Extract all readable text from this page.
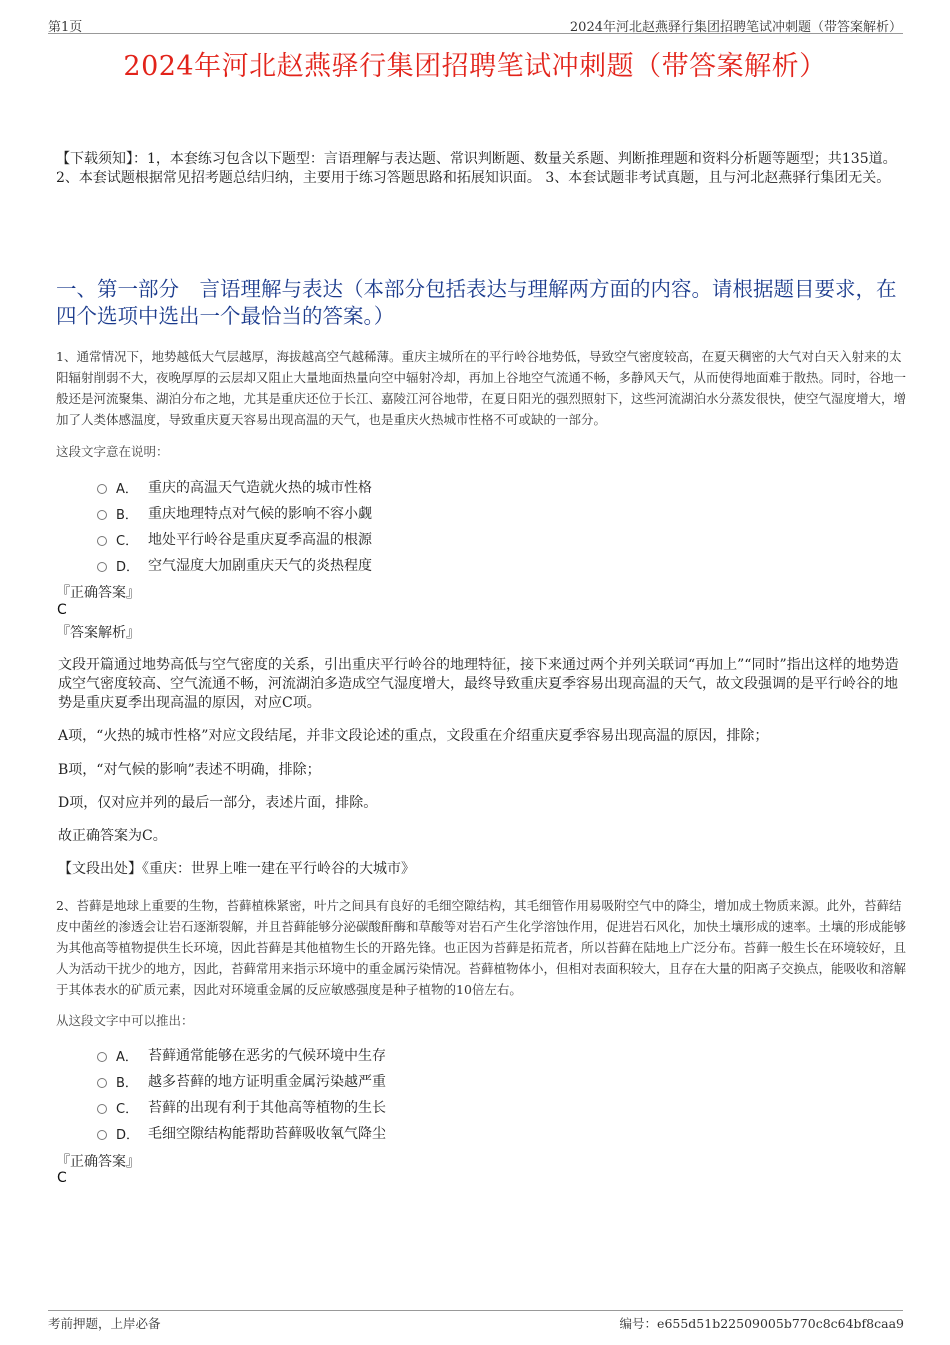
第1页	2024年河北赵燕驿行集团招聘笔试冲刺题（带答案解析）
2024年河北赵燕驿行集团招聘笔试冲刺题（带答案解析）
【下载须知】：1，本套练习包含以下题型：言语理解与表达题、常识判断题、数量关系题、判断推理题和资料分析题等题型；共135道。 2、本套试题根据常见招考题总结归纳，主要用于练习答题思路和拓展知识面。 3、本套试题非考试真题，且与河北赵燕驿行集团无关。
一、第一部分　言语理解与表达（本部分包括表达与理解两方面的内容。请根据题目要求，在四个选项中选出一个最恰当的答案。）
1、通常情况下，地势越低大气层越厚，海拔越高空气越稀薄。重庆主城所在的平行岭谷地势低，导致空气密度较高，在夏天稠密的大气对白天入射来的太阳辐射削弱不大，夜晚厚厚的云层却又阻止大量地面热量向空中辐射冷却，再加上谷地空气流通不畅，多静风天气，从而使得地面难于散热。同时，谷地一般还是河流聚集、湖泊分布之地，尤其是重庆还位于长江、嘉陵江河谷地带，在夏日阳光的强烈照射下，这些河流湖泊水分蒸发很快，使空气湿度增大，增加了人类体感温度，导致重庆夏天容易出现高温的天气，也是重庆火热城市性格不可或缺的一部分。
这段文字意在说明：
A． 重庆的高温天气造就火热的城市性格
B． 重庆地理特点对气候的影响不容小觑
C． 地处平行岭谷是重庆夏季高温的根源
D． 空气湿度大加剧重庆天气的炎热程度
『正确答案』
C
『答案解析』
文段开篇通过地势高低与空气密度的关系，引出重庆平行岭谷的地理特征，接下来通过两个并列关联词“再加上”“同时”指出这样的地势造成空气密度较高、空气流通不畅，河流湖泊多造成空气湿度增大，最终导致重庆夏季容易出现高温的天气，故文段强调的是平行岭谷的地势是重庆夏季出现高温的原因，对应C项。
A项，“火热的城市性格”对应文段结尾，并非文段论述的重点，文段重在介绍重庆夏季容易出现高温的原因，排除；
B项，“对气候的影响”表述不明确，排除；
D项，仅对应并列的最后一部分，表述片面，排除。
故正确答案为C。
【文段出处】《重庆：世界上唯一建在平行岭谷的大城市》
2、苔藓是地球上重要的生物，苔藓植株紧密，叶片之间具有良好的毛细空隙结构，其毛细管作用易吸附空气中的降尘，增加成土物质来源。此外，苔藓结皮中菌丝的渗透会让岩石逐渐裂解，并且苔藓能够分泌碳酸酐酶和草酸等对岩石产生化学溶蚀作用，促进岩石风化，加快土壤形成的速率。土壤的形成能够为其他高等植物提供生长环境，因此苔藓是其他植物生长的开路先锋。也正因为苔藓是拓荒者，所以苔藓在陆地上广泛分布。苔藓一般生长在环境较好，且人为活动干扰少的地方，因此，苔藓常用来指示环境中的重金属污染情况。苔藓植物体小，但相对表面积较大，且存在大量的阳离子交换点，能吸收和溶解于其体表水的矿质元素，因此对环境重金属的反应敏感强度是种子植物的10倍左右。
从这段文字中可以推出：
A． 苔藓通常能够在恶劣的气候环境中生存
B． 越多苔藓的地方证明重金属污染越严重
C． 苔藓的出现有利于其他高等植物的生长
D． 毛细空隙结构能帮助苔藓吸收氧气降尘
『正确答案』
C
考前押题，上岸必备	编号：e655d51b22509005b770c8c64bf8caa9
